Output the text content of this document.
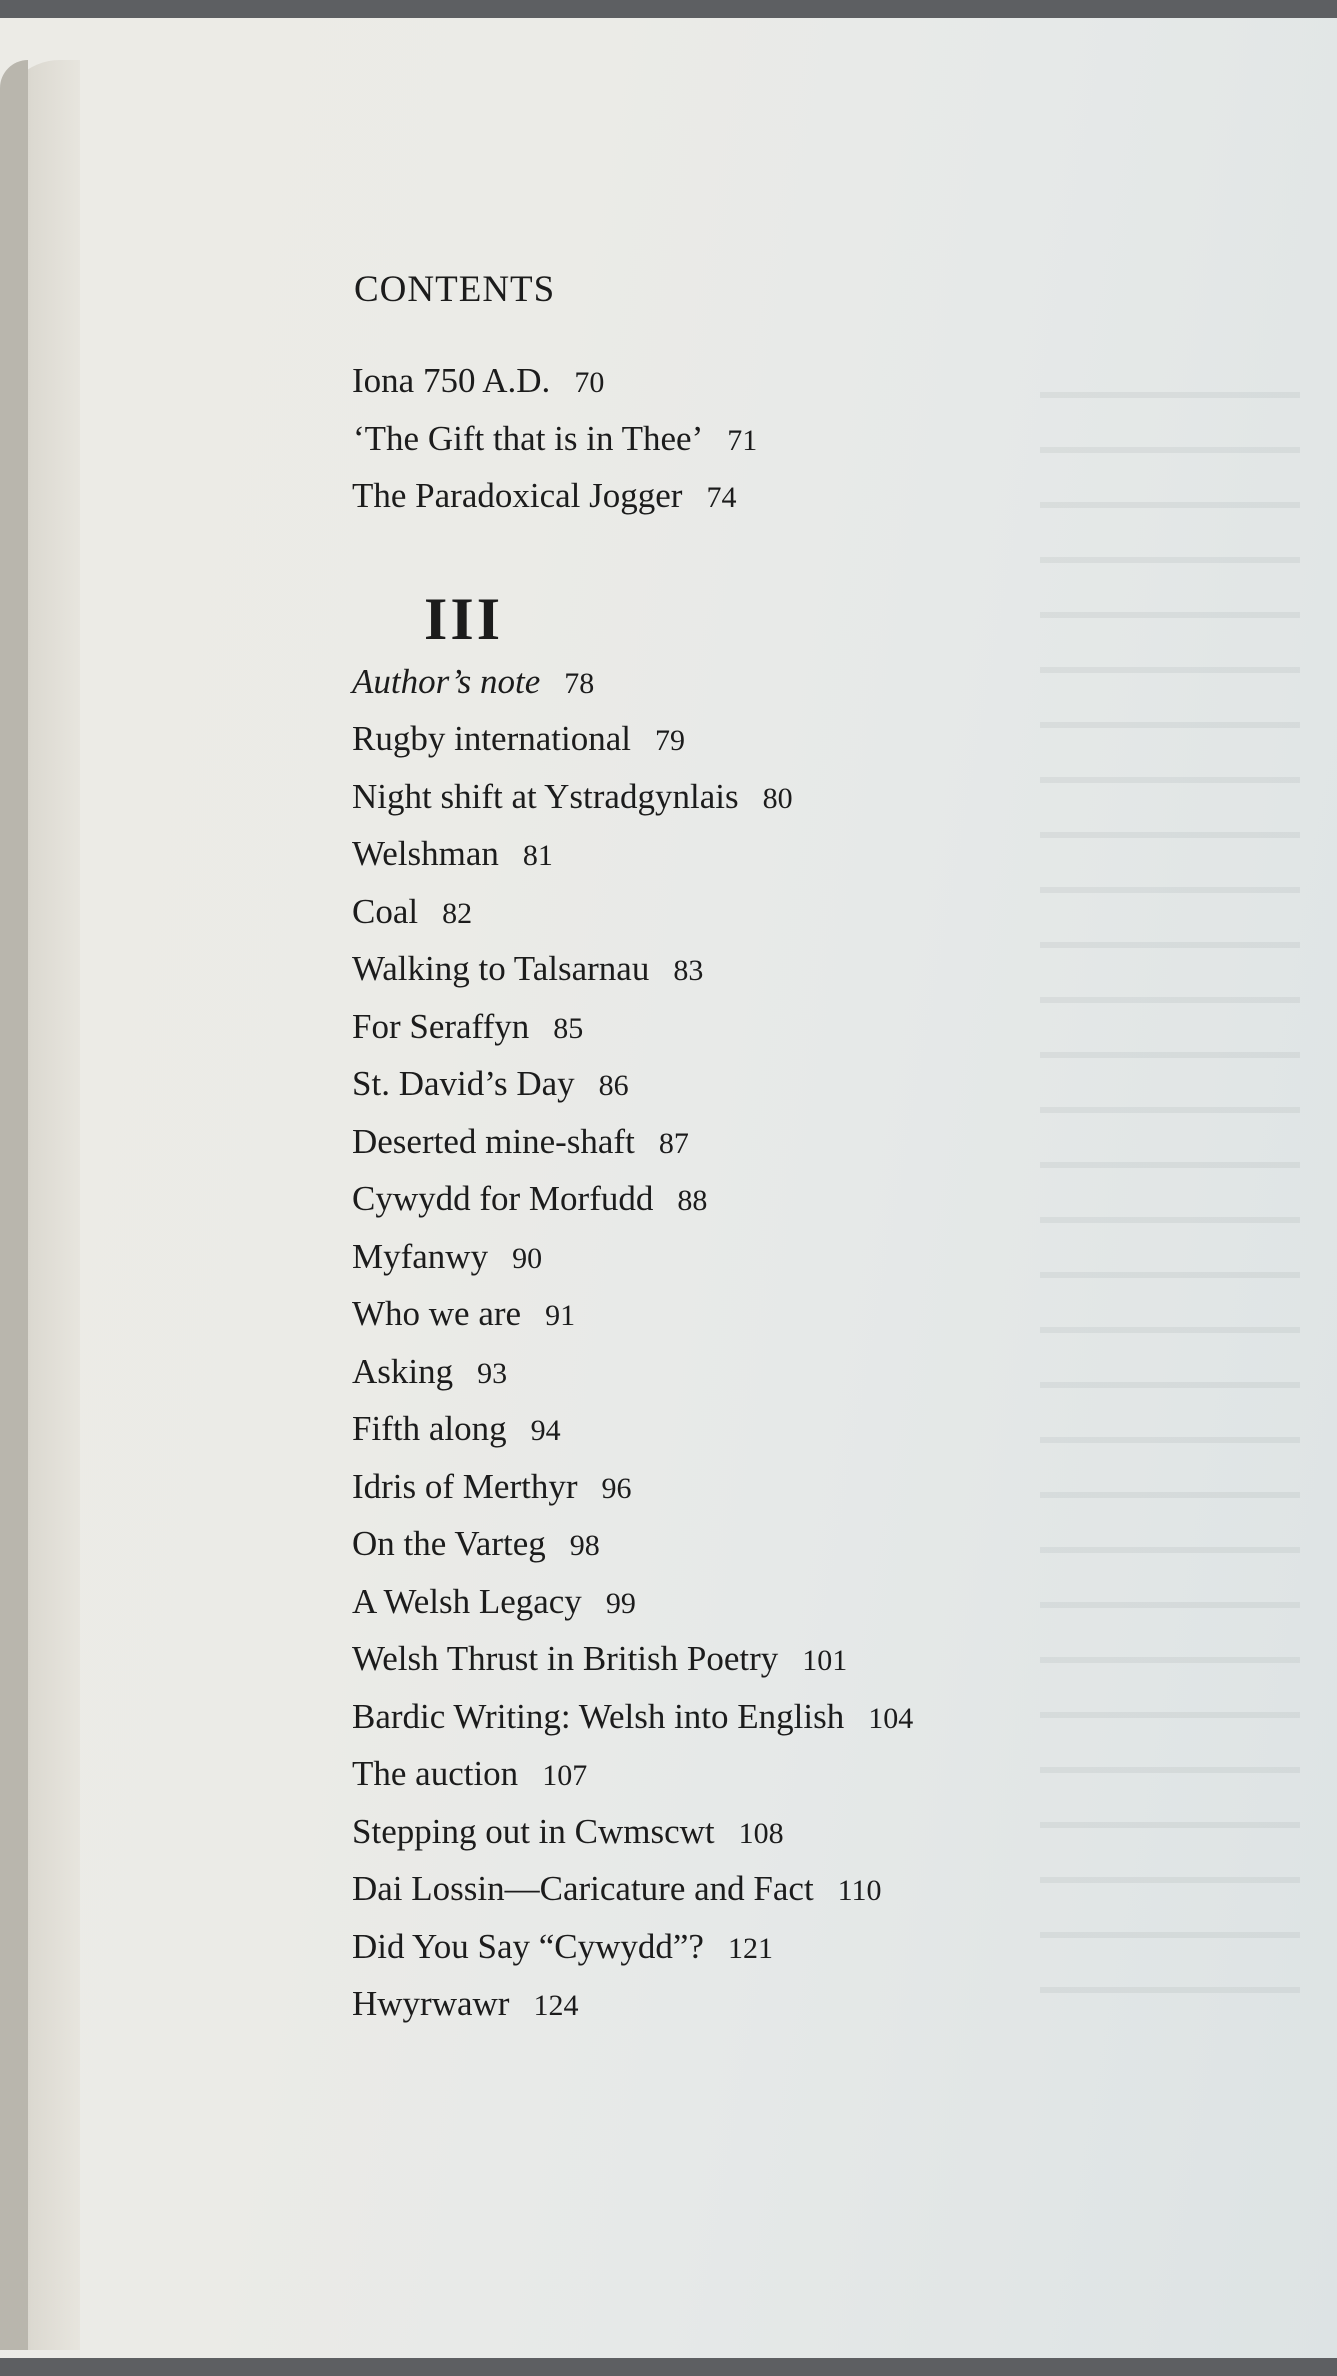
CONTENTS
Iona 750 A.D. 70
‘The Gift that is in Thee’ 71
The Paradoxical Jogger 74
III
Author’s note 78
Rugby international 79
Night shift at Ystradgynlais 80
Welshman 81
Coal 82
Walking to Talsarnau 83
For Seraffyn 85
St. David’s Day 86
Deserted mine-shaft 87
Cywydd for Morfudd 88
Myfanwy 90
Who we are 91
Asking 93
Fifth along 94
Idris of Merthyr 96
On the Varteg 98
A Welsh Legacy 99
Welsh Thrust in British Poetry 101
Bardic Writing: Welsh into English 104
The auction 107
Stepping out in Cwmscwt 108
Dai Lossin—Caricature and Fact 110
Did You Say “Cywydd”? 121
Hwyrwawr 124
